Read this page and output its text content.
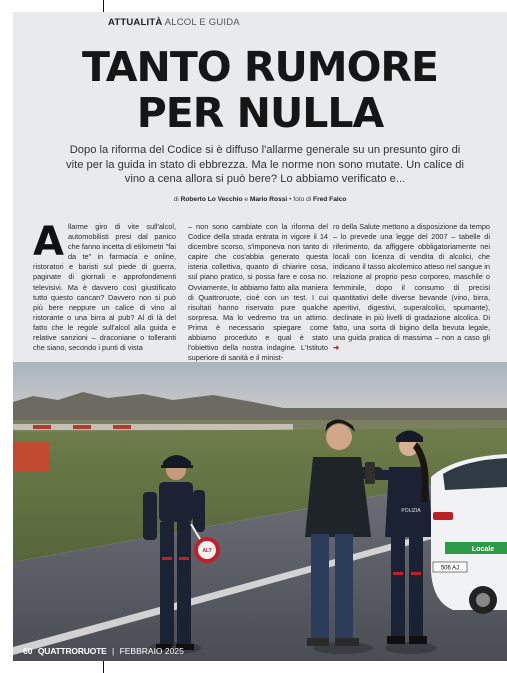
ATTUALITÀ ALCOL E GUIDA
TANTO RUMORE
PER NULLA
Dopo la riforma del Codice si è diffuso l'allarme generale su un presunto giro di vite per la guida in stato di ebbrezza. Ma le norme non sono mutate. Un calice di vino a cena allora si può bere? Lo abbiamo verificato e...
di Roberto Lo Vecchio e Mario Rossi • foto di Fred Falco
A llarme giro di vite sull'alcol, automobilisti presi dal panico che fanno incetta di etilometri "fai da te" in farmacia e online, ristoratori e baristi sul piede di guerra, paginate di giornali e approfondimenti televisivi. Ma è davvero così giustificato tutto questo cancan? Davvero non si può più bere neppure un calice di vino al ristorante o una birra al pub? Al di là del fatto che le regole sull'alcol alla guida e relative sanzioni – draconiane o tolleranti che siano, secondo i punti di vista

– non sono cambiate con la riforma del Codice della strada entrata in vigore il 14 dicembre scorso, s'imponeva non tanto di capire che cos'abbia generato questa isteria collettiva, quanto di chiarire cosa, sul piano pratico, si possa fare e cosa no. Ovviamente, lo abbiamo fatto alla maniera di Quattroruote, cioè con un test. I cui risultati hanno riservato pure qualche sorpresa. Ma lo vedremo tra un attimo. Prima è necessario spiegare come abbiamo proceduto e qual è stato l'obiettivo della nostra indagine. L'Istituto superiore di sanità e il minist-

ro della Salute mettono a disposizione da tempo – lo prevede una legge del 2007 – tabelle di riferimento, da affiggere obbligatoriamente nei locali con licenza di vendita di alcolici, che indicano il tasso alcolemico atteso nel sangue in relazione al proprio peso corporeo, maschile o femminile, dopo il consumo di precisi quantitativi delle diverse bevande (vino, birra, aperitivi, digestivi, superalcolici, spumante), declinate in più livelli di gradazione alcolica. Di fatto, una sorta di bigino della bevuta legale, una guida pratica di massima – non a caso gli ➜

ALT
POLIZIA
Locale
506 AJ
60 QUATTRORUOTE | FEBBRAIO 2025
